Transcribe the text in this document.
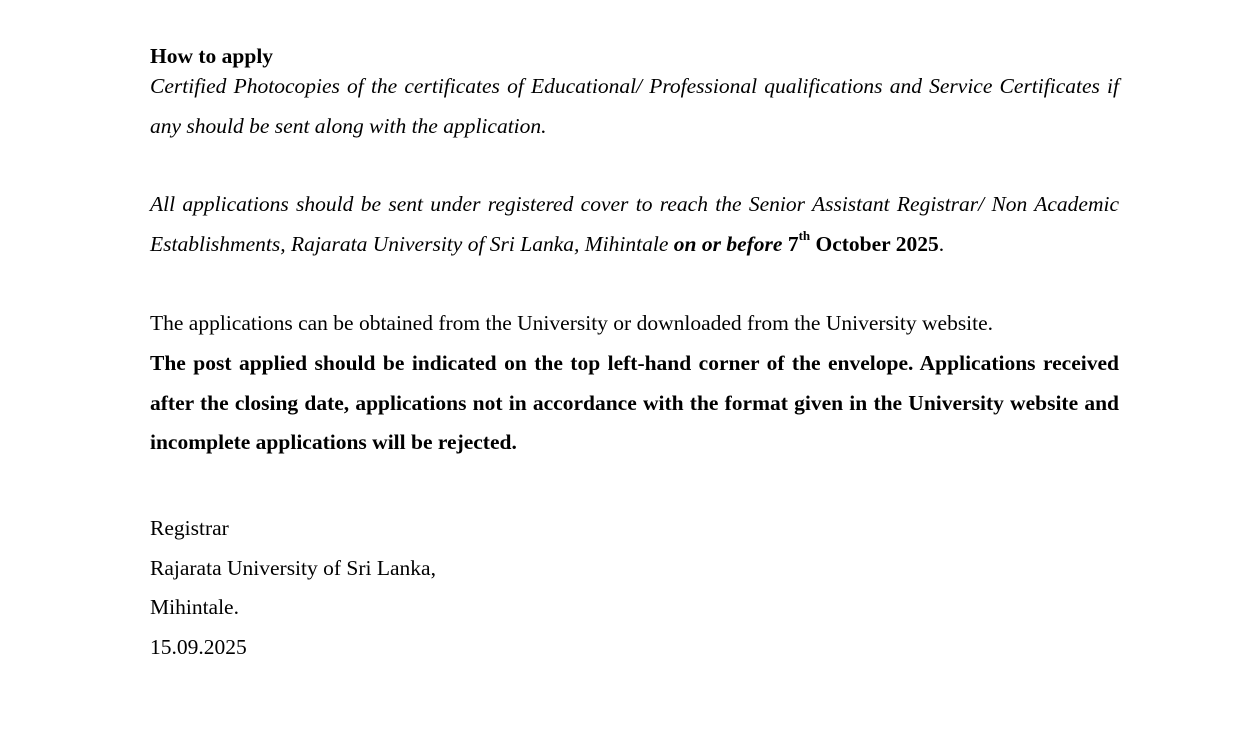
How to apply
Certified Photocopies of the certificates of Educational/ Professional qualifications and Service Certificates if any should be sent along with the application.
All applications should be sent under registered cover to reach the Senior Assistant Registrar/ Non Academic Establishments, Rajarata University of Sri Lanka, Mihintale on or before 7th October 2025.
The applications can be obtained from the University or downloaded from the University website.
The post applied should be indicated on the top left-hand corner of the envelope. Applications received after the closing date, applications not in accordance with the format given in the University website and incomplete applications will be rejected.
Registrar
Rajarata University of Sri Lanka,
Mihintale.
15.09.2025
